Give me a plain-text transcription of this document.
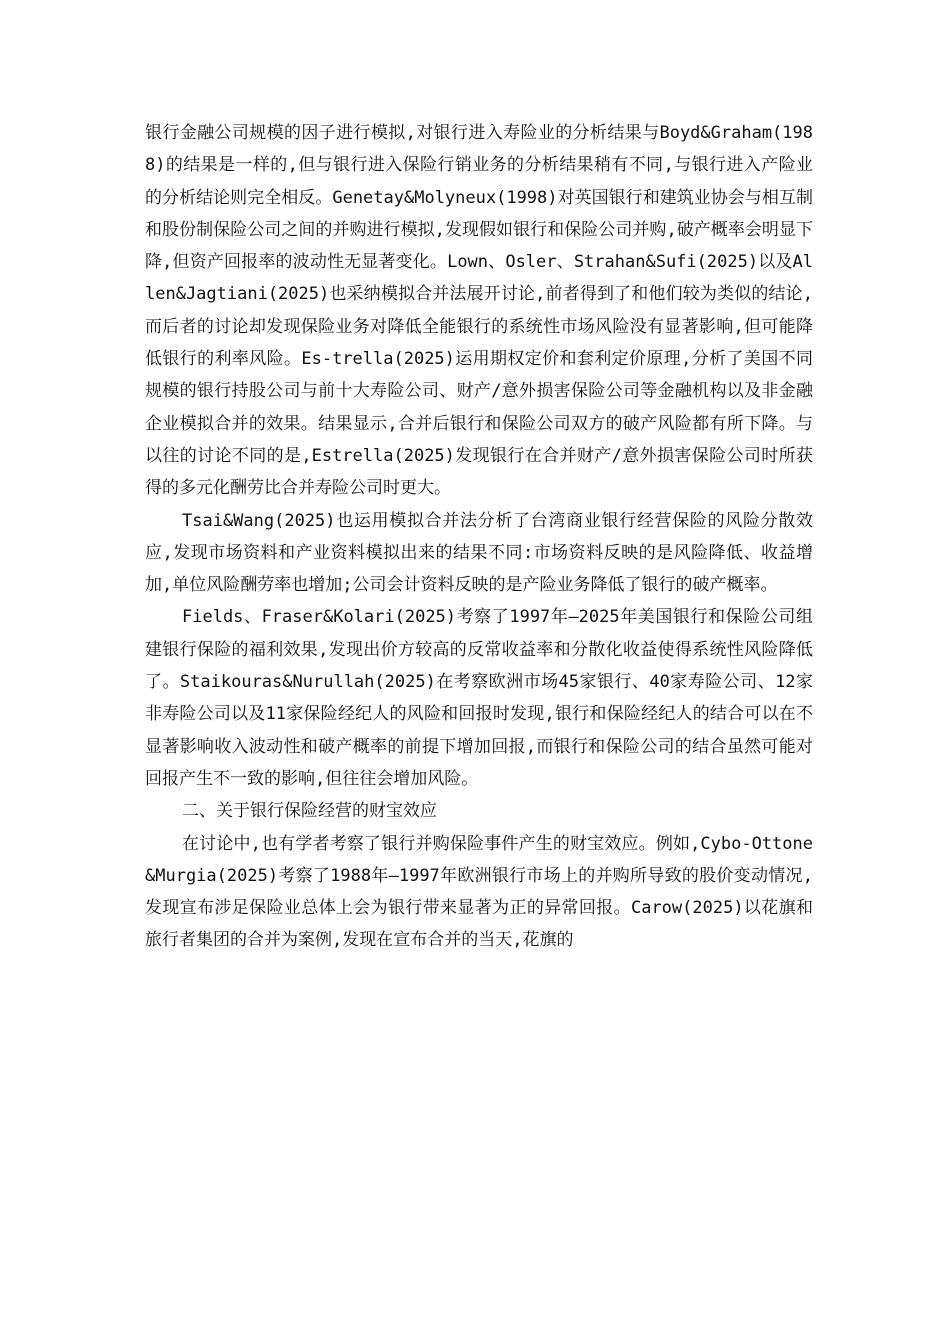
银行金融公司规模的因子进行模拟,对银行进入寿险业的分析结果与Boyd&Graham(1988)的结果是一样的,但与银行进入保险行销业务的分析结果稍有不同,与银行进入产险业的分析结论则完全相反。Genetay&Molyneux(1998)对英国银行和建筑业协会与相互制和股份制保险公司之间的并购进行模拟,发现假如银行和保险公司并购,破产概率会明显下降,但资产回报率的波动性无显著变化。Lown、Osler、Strahan&Sufi(2025)以及Allen&Jagtiani(2025)也采纳模拟合并法展开讨论,前者得到了和他们较为类似的结论,而后者的讨论却发现保险业务对降低全能银行的系统性市场风险没有显著影响,但可能降低银行的利率风险。Es-trella(2025)运用期权定价和套利定价原理,分析了美国不同规模的银行持股公司与前十大寿险公司、财产/意外损害保险公司等金融机构以及非金融企业模拟合并的效果。结果显示,合并后银行和保险公司双方的破产风险都有所下降。与以往的讨论不同的是,Estrella(2025)发现银行在合并财产/意外损害保险公司时所获得的多元化酬劳比合并寿险公司时更大。

Tsai&Wang(2025)也运用模拟合并法分析了台湾商业银行经营保险的风险分散效应,发现市场资料和产业资料模拟出来的结果不同:市场资料反映的是风险降低、收益增加,单位风险酬劳率也增加;公司会计资料反映的是产险业务降低了银行的破产概率。

Fields、Fraser&Kolari(2025)考察了1997年—2025年美国银行和保险公司组建银行保险的福利效果,发现出价方较高的反常收益率和分散化收益使得系统性风险降低了。Staikouras&Nurullah(2025)在考察欧洲市场45家银行、40家寿险公司、12家非寿险公司以及11家保险经纪人的风险和回报时发现,银行和保险经纪人的结合可以在不显著影响收入波动性和破产概率的前提下增加回报,而银行和保险公司的结合虽然可能对回报产生不一致的影响,但往往会增加风险。

二、关于银行保险经营的财宝效应

在讨论中,也有学者考察了银行并购保险事件产生的财宝效应。例如,Cybo-Ottone&Murgia(2025)考察了1988年—1997年欧洲银行市场上的并购所导致的股价变动情况,发现宣布涉足保险业总体上会为银行带来显著为正的异常回报。Carow(2025)以花旗和旅行者集团的合并为案例,发现在宣布合并的当天,花旗的
